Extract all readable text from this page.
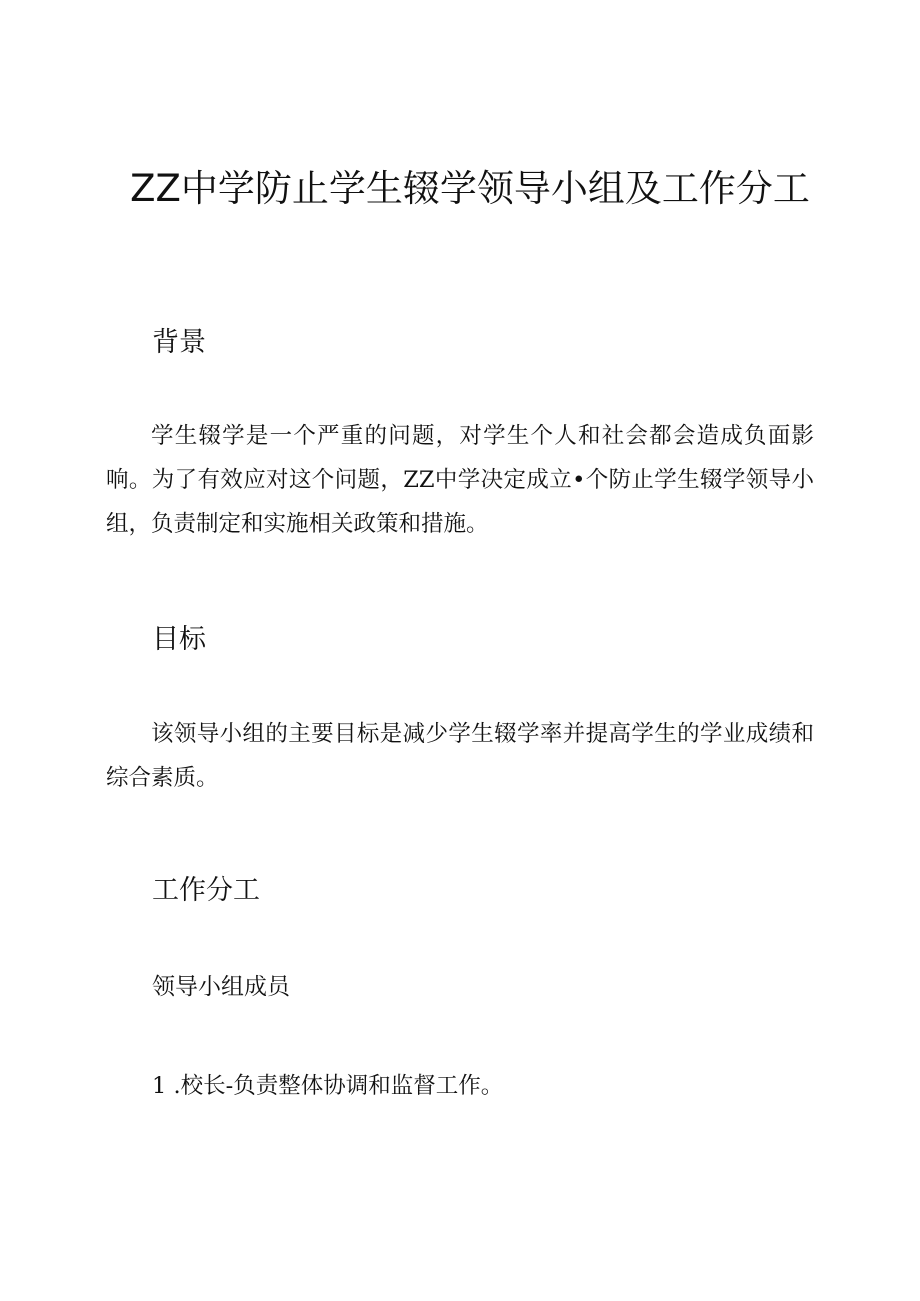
ZZ中学防止学生辍学领导小组及工作分工
背景

学生辍学是一个严重的问题，对学生个人和社会都会造成负面影响。为了有效应对这个问题，ZZ中学决定成立•个防止学生辍学领导小组，负责制定和实施相关政策和措施。

目标

该领导小组的主要目标是减少学生辍学率并提高学生的学业成绩和综合素质。

工作分工
领导小组成员

1 .校长-负责整体协调和监督工作。
